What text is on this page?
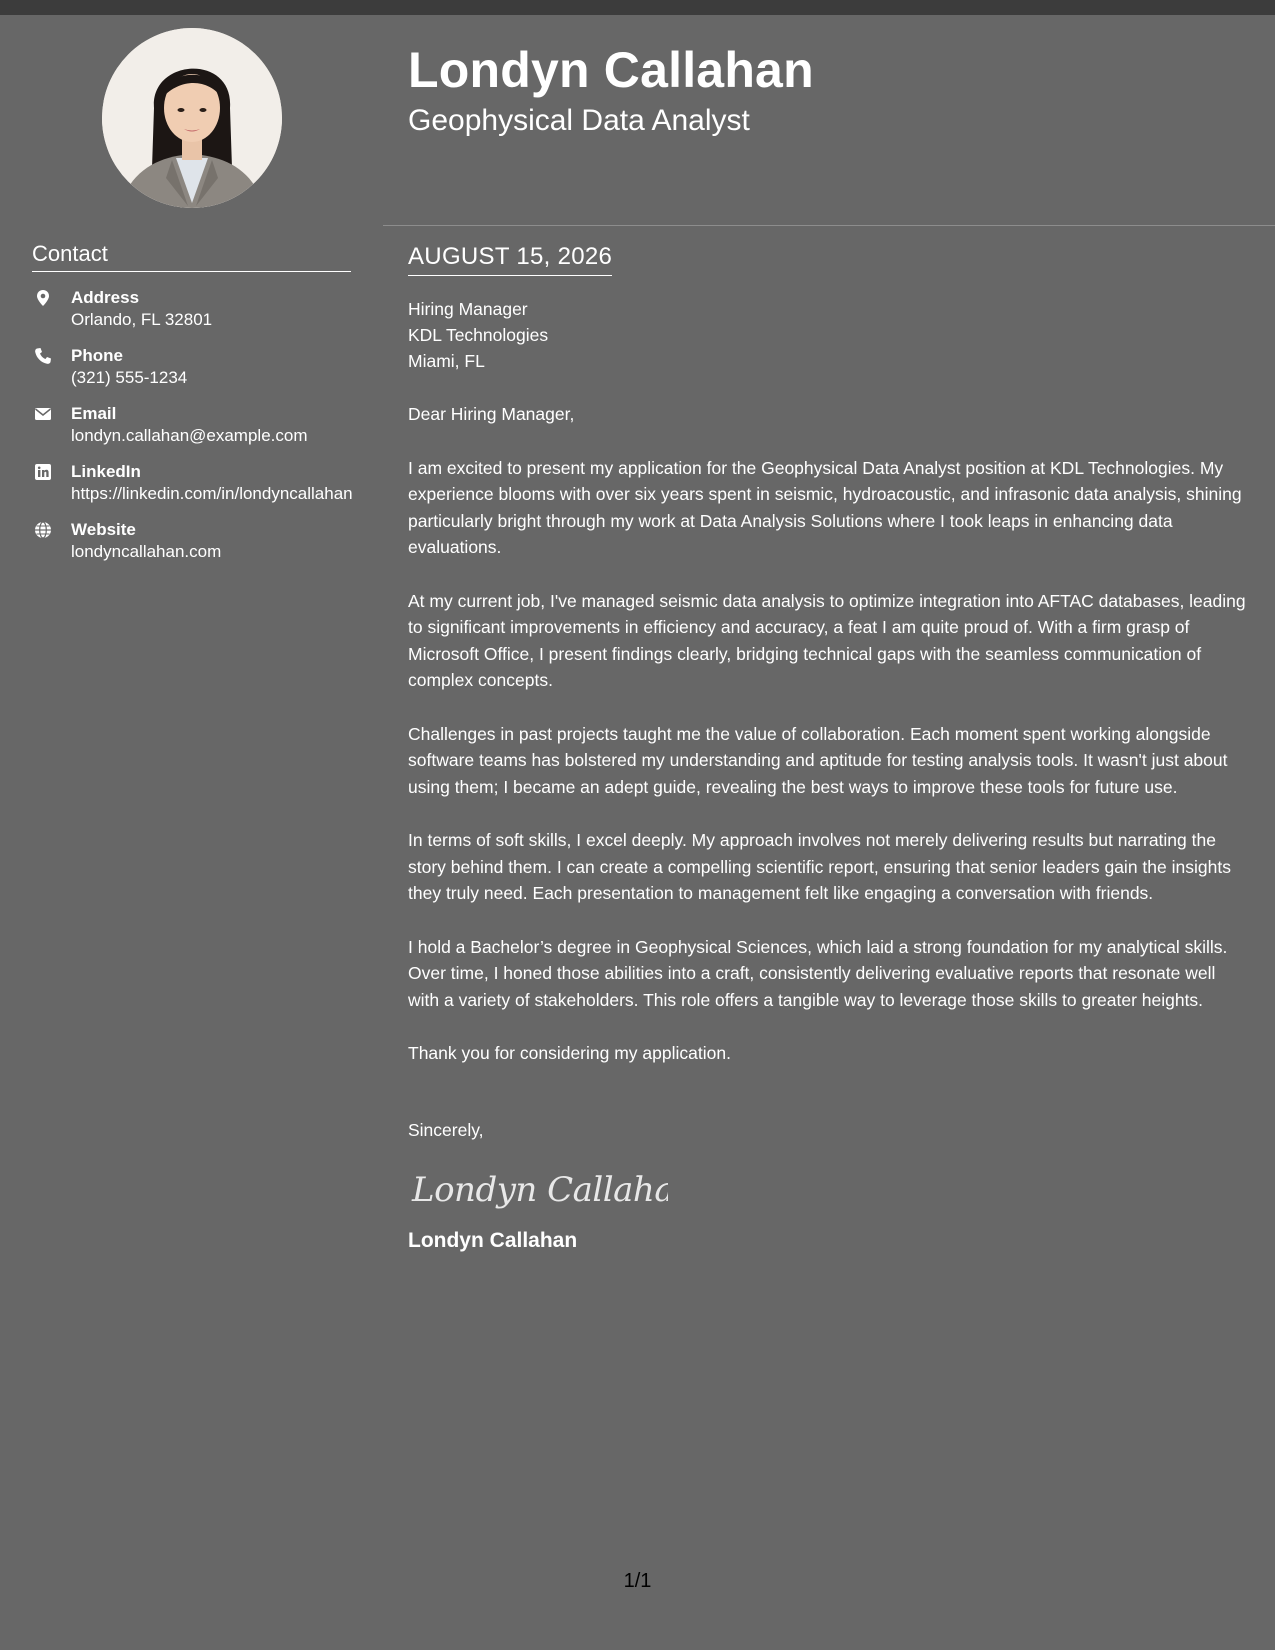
Contact
Address
Orlando, FL 32801
Phone
(321) 555-1234
Email
londyn.callahan@example.com
LinkedIn
https://linkedin.com/in/londyncallahan
Website
londyncallahan.com
Londyn Callahan
Geophysical Data Analyst
AUGUST 15, 2026
Hiring Manager
KDL Technologies
Miami, FL
Dear Hiring Manager,
I am excited to present my application for the Geophysical Data Analyst position at KDL Technologies. My experience blooms with over six years spent in seismic, hydroacoustic, and infrasonic data analysis, shining particularly bright through my work at Data Analysis Solutions where I took leaps in enhancing data evaluations.
At my current job, I've managed seismic data analysis to optimize integration into AFTAC databases, leading to significant improvements in efficiency and accuracy, a feat I am quite proud of. With a firm grasp of Microsoft Office, I present findings clearly, bridging technical gaps with the seamless communication of complex concepts.
Challenges in past projects taught me the value of collaboration. Each moment spent working alongside software teams has bolstered my understanding and aptitude for testing analysis tools. It wasn't just about using them; I became an adept guide, revealing the best ways to improve these tools for future use.
In terms of soft skills, I excel deeply. My approach involves not merely delivering results but narrating the story behind them. I can create a compelling scientific report, ensuring that senior leaders gain the insights they truly need. Each presentation to management felt like engaging a conversation with friends.
I hold a Bachelor’s degree in Geophysical Sciences, which laid a strong foundation for my analytical skills. Over time, I honed those abilities into a craft, consistently delivering evaluative reports that resonate well with a variety of stakeholders. This role offers a tangible way to leverage those skills to greater heights.
Thank you for considering my application.
Sincerely,
Londyn Callahan
Londyn Callahan
1/1
